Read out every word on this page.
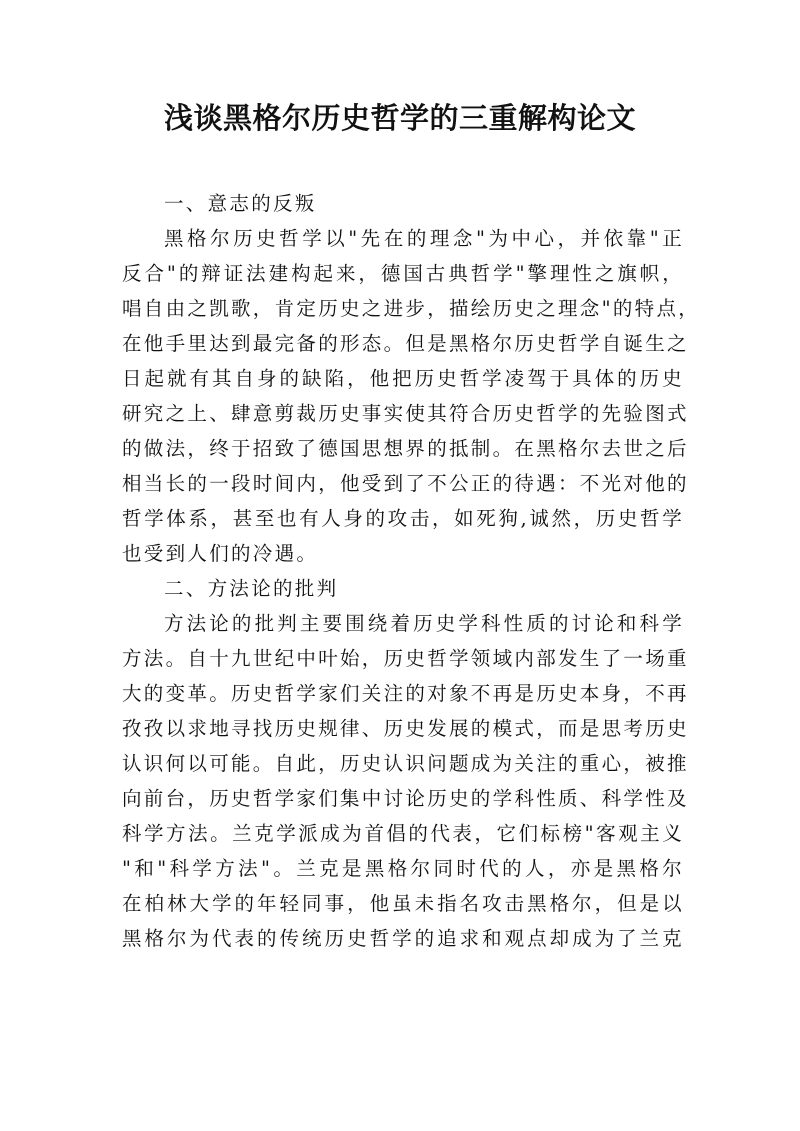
浅谈黑格尔历史哲学的三重解构论文
一、意志的反叛
黑格尔历史哲学以"先在的理念"为中心，并依靠"正
反合"的辩证法建构起来，德国古典哲学"擎理性之旗帜，
唱自由之凯歌，肯定历史之进步，描绘历史之理念"的特点，
在他手里达到最完备的形态。但是黑格尔历史哲学自诞生之
日起就有其自身的缺陷，他把历史哲学凌驾于具体的历史
研究之上、肆意剪裁历史事实使其符合历史哲学的先验图式
的做法，终于招致了德国思想界的抵制。在黑格尔去世之后
相当长的一段时间内，他受到了不公正的待遇：不光对他的
哲学体系，甚至也有人身的攻击，如死狗,诚然，历史哲学
也受到人们的冷遇。
二、方法论的批判
方法论的批判主要围绕着历史学科性质的讨论和科学
方法。自十九世纪中叶始，历史哲学领域内部发生了一场重
大的变革。历史哲学家们关注的对象不再是历史本身，不再
孜孜以求地寻找历史规律、历史发展的模式，而是思考历史
认识何以可能。自此，历史认识问题成为关注的重心，被推
向前台，历史哲学家们集中讨论历史的学科性质、科学性及
科学方法。兰克学派成为首倡的代表，它们标榜"客观主义
"和"科学方法"。兰克是黑格尔同时代的人，亦是黑格尔
在柏林大学的年轻同事，他虽未指名攻击黑格尔，但是以
黑格尔为代表的传统历史哲学的追求和观点却成为了兰克
